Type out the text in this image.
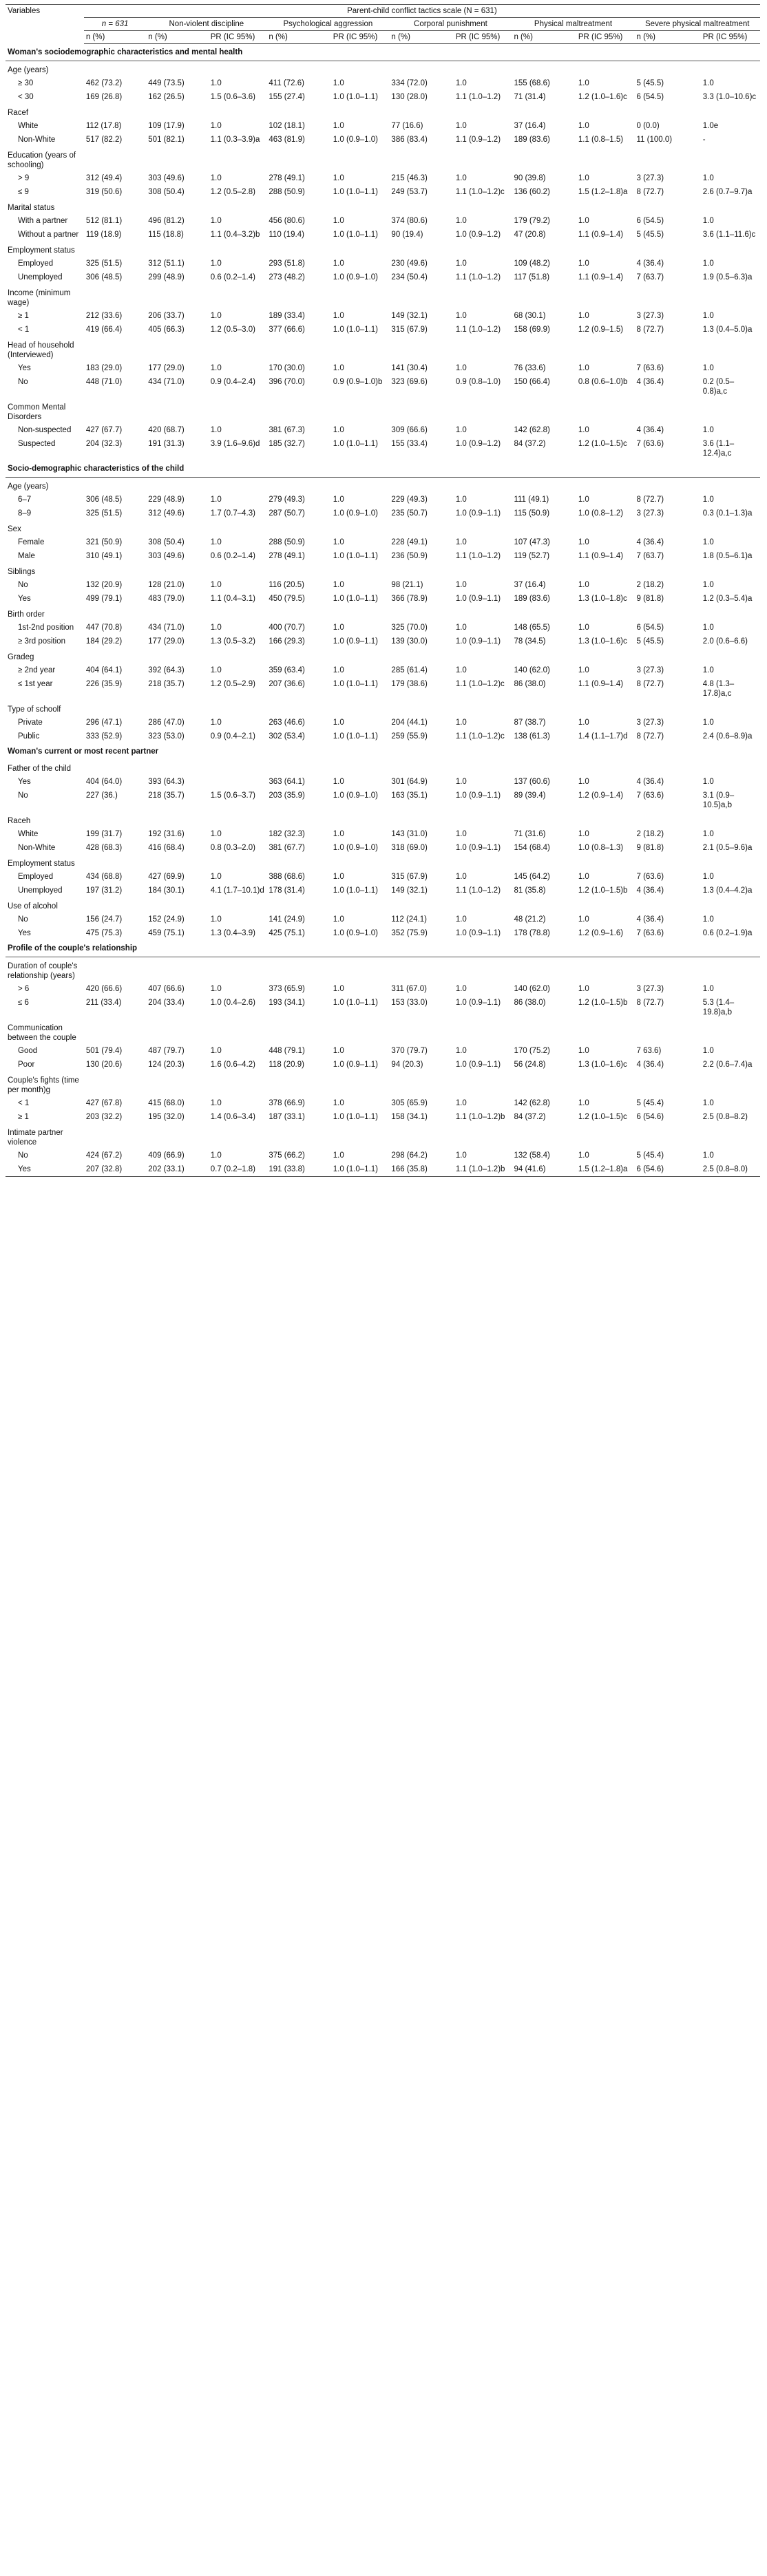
Variables	Parent-child conflict tactics scale (N = 631)										
	n = 631	Non-violent discipline		Psychological aggression		Corporal punishment		Physical maltreatment		Severe physical maltreatment	
	n (%)	n (%)	PR (IC 95%)	n (%)	PR (IC 95%)	n (%)	PR (IC 95%)	n (%)	PR (IC 95%)	n (%)	PR (IC 95%)
Woman's sociodemographic characteristics and mental health											
Age (years)											
≥ 30	462 (73.2)	449 (73.5)	1.0	411 (72.6)	1.0	334 (72.0)	1.0	155 (68.6)	1.0	5 (45.5)	1.0
< 30	169 (26.8)	162 (26.5)	1.5 (0.6–3.6)	155 (27.4)	1.0 (1.0–1.1)	130 (28.0)	1.1 (1.0–1.2)	71 (31.4)	1.2 (1.0–1.6)c	6 (54.5)	3.3 (1.0–10.6)c
Racef											
White	112 (17.8)	109 (17.9)	1.0	102 (18.1)	1.0	77 (16.6)	1.0	37 (16.4)	1.0	0 (0.0)	1.0e
Non-White	517 (82.2)	501 (82.1)	1.1 (0.3–3.9)a	463 (81.9)	1.0 (0.9–1.0)	386 (83.4)	1.1 (0.9–1.2)	189 (83.6)	1.1 (0.8–1.5)	11 (100.0)	-
Education (years of schooling)											
> 9	312 (49.4)	303 (49.6)	1.0	278 (49.1)	1.0	215 (46.3)	1.0	90 (39.8)	1.0	3 (27.3)	1.0
≤ 9	319 (50.6)	308 (50.4)	1.2 (0.5–2.8)	288 (50.9)	1.0 (1.0–1.1)	249 (53.7)	1.1 (1.0–1.2)c	136 (60.2)	1.5 (1.2–1.8)a	8 (72.7)	2.6 (0.7–9.7)a
Marital status											
With a partner	512 (81.1)	496 (81.2)	1.0	456 (80.6)	1.0	374 (80.6)	1.0	179 (79.2)	1.0	6 (54.5)	1.0
Without a partner	119 (18.9)	115 (18.8)	1.1 (0.4–3.2)b	110 (19.4)	1.0 (1.0–1.1)	90 (19.4)	1.0 (0.9–1.2)	47 (20.8)	1.1 (0.9–1.4)	5 (45.5)	3.6 (1.1–11.6)c
Employment status											
Employed	325 (51.5)	312 (51.1)	1.0	293 (51.8)	1.0	230 (49.6)	1.0	109 (48.2)	1.0	4 (36.4)	1.0
Unemployed	306 (48.5)	299 (48.9)	0.6 (0.2–1.4)	273 (48.2)	1.0 (0.9–1.0)	234 (50.4)	1.1 (1.0–1.2)	117 (51.8)	1.1 (0.9–1.4)	7 (63.7)	1.9 (0.5–6.3)a
Income (minimum wage)											
≥ 1	212 (33.6)	206 (33.7)	1.0	189 (33.4)	1.0	149 (32.1)	1.0	68 (30.1)	1.0	3 (27.3)	1.0
< 1	419 (66.4)	405 (66.3)	1.2 (0.5–3.0)	377 (66.6)	1.0 (1.0–1.1)	315 (67.9)	1.1 (1.0–1.2)	158 (69.9)	1.2 (0.9–1.5)	8 (72.7)	1.3 (0.4–5.0)a
Head of household (Interviewed)											
Yes	183 (29.0)	177 (29.0)	1.0	170 (30.0)	1.0	141 (30.4)	1.0	76 (33.6)	1.0	7 (63.6)	1.0
No	448 (71.0)	434 (71.0)	0.9 (0.4–2.4)	396 (70.0)	0.9 (0.9–1.0)b	323 (69.6)	0.9 (0.8–1.0)	150 (66.4)	0.8 (0.6–1.0)b	4 (36.4)	0.2 (0.5–0.8)a,c
Common Mental Disorders											
Non-suspected	427 (67.7)	420 (68.7)	1.0	381 (67.3)	1.0	309 (66.6)	1.0	142 (62.8)	1.0	4 (36.4)	1.0
Suspected	204 (32.3)	191 (31.3)	3.9 (1.6–9.6)d	185 (32.7)	1.0 (1.0–1.1)	155 (33.4)	1.0 (0.9–1.2)	84 (37.2)	1.2 (1.0–1.5)c	7 (63.6)	3.6 (1.1–12.4)a,c
Socio-demographic characteristics of the child											
Age (years)											
6–7	306 (48.5)	229 (48.9)	1.0	279 (49.3)	1.0	229 (49.3)	1.0	111 (49.1)	1.0	8 (72.7)	1.0
8–9	325 (51.5)	312 (49.6)	1.7 (0.7–4.3)	287 (50.7)	1.0 (0.9–1.0)	235 (50.7)	1.0 (0.9–1.1)	115 (50.9)	1.0 (0.8–1.2)	3 (27.3)	0.3 (0.1–1.3)a
Sex											
Female	321 (50.9)	308 (50.4)	1.0	288 (50.9)	1.0	228 (49.1)	1.0	107 (47.3)	1.0	4 (36.4)	1.0
Male	310 (49.1)	303 (49.6)	0.6 (0.2–1.4)	278 (49.1)	1.0 (1.0–1.1)	236 (50.9)	1.1 (1.0–1.2)	119 (52.7)	1.1 (0.9–1.4)	7 (63.7)	1.8 (0.5–6.1)a
Siblings											
No	132 (20.9)	128 (21.0)	1.0	116 (20.5)	1.0	98 (21.1)	1.0	37 (16.4)	1.0	2 (18.2)	1.0
Yes	499 (79.1)	483 (79.0)	1.1 (0.4–3.1)	450 (79.5)	1.0 (1.0–1.1)	366 (78.9)	1.0 (0.9–1.1)	189 (83.6)	1.3 (1.0–1.8)c	9 (81.8)	1.2 (0.3–5.4)a
Birth order											
1st-2nd position	447 (70.8)	434 (71.0)	1.0	400 (70.7)	1.0	325 (70.0)	1.0	148 (65.5)	1.0	6 (54.5)	1.0
≥ 3rd position	184 (29.2)	177 (29.0)	1.3 (0.5–3.2)	166 (29.3)	1.0 (0.9–1.1)	139 (30.0)	1.0 (0.9–1.1)	78 (34.5)	1.3 (1.0–1.6)c	5 (45.5)	2.0 (0.6–6.6)
Gradeg											
≥ 2nd year	404 (64.1)	392 (64.3)	1.0	359 (63.4)	1.0	285 (61.4)	1.0	140 (62.0)	1.0	3 (27.3)	1.0
≤ 1st year	226 (35.9)	218 (35.7)	1.2 (0.5–2.9)	207 (36.6)	1.0 (1.0–1.1)	179 (38.6)	1.1 (1.0–1.2)c	86 (38.0)	1.1 (0.9–1.4)	8 (72.7)	4.8 (1.3–17.8)a,c
Type of schoolf											
Private	296 (47.1)	286 (47.0)	1.0	263 (46.6)	1.0	204 (44.1)	1.0	87 (38.7)	1.0	3 (27.3)	1.0
Public	333 (52.9)	323 (53.0)	0.9 (0.4–2.1)	302 (53.4)	1.0 (1.0–1.1)	259 (55.9)	1.1 (1.0–1.2)c	138 (61.3)	1.4 (1.1–1.7)d	8 (72.7)	2.4 (0.6–8.9)a
Woman's current or most recent partner											
Father of the child											
Yes	404 (64.0)	393 (64.3)		363 (64.1)	1.0	301 (64.9)	1.0	137 (60.6)	1.0	4 (36.4)	1.0
No	227 (36.)	218 (35.7)	1.5 (0.6–3.7)	203 (35.9)	1.0 (0.9–1.0)	163 (35.1)	1.0 (0.9–1.1)	89 (39.4)	1.2 (0.9–1.4)	7 (63.6)	3.1 (0.9–10.5)a,b
Raceh											
White	199 (31.7)	192 (31.6)	1.0	182 (32.3)	1.0	143 (31.0)	1.0	71 (31.6)	1.0	2 (18.2)	1.0
Non-White	428 (68.3)	416 (68.4)	0.8 (0.3–2.0)	381 (67.7)	1.0 (0.9–1.0)	318 (69.0)	1.0 (0.9–1.1)	154 (68.4)	1.0 (0.8–1.3)	9 (81.8)	2.1 (0.5–9.6)a
Employment status											
Employed	434 (68.8)	427 (69.9)	1.0	388 (68.6)	1.0	315 (67.9)	1.0	145 (64.2)	1.0	7 (63.6)	1.0
Unemployed	197 (31.2)	184 (30.1)	4.1 (1.7–10.1)d	178 (31.4)	1.0 (1.0–1.1)	149 (32.1)	1.1 (1.0–1.2)	81 (35.8)	1.2 (1.0–1.5)b	4 (36.4)	1.3 (0.4–4.2)a
Use of alcohol											
No	156 (24.7)	152 (24.9)	1.0	141 (24.9)	1.0	112 (24.1)	1.0	48 (21.2)	1.0	4 (36.4)	1.0
Yes	475 (75.3)	459 (75.1)	1.3 (0.4–3.9)	425 (75.1)	1.0 (0.9–1.0)	352 (75.9)	1.0 (0.9–1.1)	178 (78.8)	1.2 (0.9–1.6)	7 (63.6)	0.6 (0.2–1.9)a
Profile of the couple's relationship											
Duration of couple's relationship (years)											
> 6	420 (66.6)	407 (66.6)	1.0	373 (65.9)	1.0	311 (67.0)	1.0	140 (62.0)	1.0	3 (27.3)	1.0
≤ 6	211 (33.4)	204 (33.4)	1.0 (0.4–2.6)	193 (34.1)	1.0 (1.0–1.1)	153 (33.0)	1.0 (0.9–1.1)	86 (38.0)	1.2 (1.0–1.5)b	8 (72.7)	5.3 (1.4–19.8)a,b
Communication between the couple											
Good	501 (79.4)	487 (79.7)	1.0	448 (79.1)	1.0	370 (79.7)	1.0	170 (75.2)	1.0	7 63.6)	1.0
Poor	130 (20.6)	124 (20.3)	1.6 (0.6–4.2)	118 (20.9)	1.0 (0.9–1.1)	94 (20.3)	1.0 (0.9–1.1)	56 (24.8)	1.3 (1.0–1.6)c	4 (36.4)	2.2 (0.6–7.4)a
Couple's fights (time per month)g											
< 1	427 (67.8)	415 (68.0)	1.0	378 (66.9)	1.0	305 (65.9)	1.0	142 (62.8)	1.0	5 (45.4)	1.0
≥ 1	203 (32.2)	195 (32.0)	1.4 (0.6–3.4)	187 (33.1)	1.0 (1.0–1.1)	158 (34.1)	1.1 (1.0–1.2)b	84 (37.2)	1.2 (1.0–1.5)c	6 (54.6)	2.5 (0.8–8.2)
Intimate partner violence											
No	424 (67.2)	409 (66.9)	1.0	375 (66.2)	1.0	298 (64.2)	1.0	132 (58.4)	1.0	5 (45.4)	1.0
Yes	207 (32.8)	202 (33.1)	0.7 (0.2–1.8)	191 (33.8)	1.0 (1.0–1.1)	166 (35.8)	1.1 (1.0–1.2)b	94 (41.6)	1.5 (1.2–1.8)a	6 (54.6)	2.5 (0.8–8.0)
